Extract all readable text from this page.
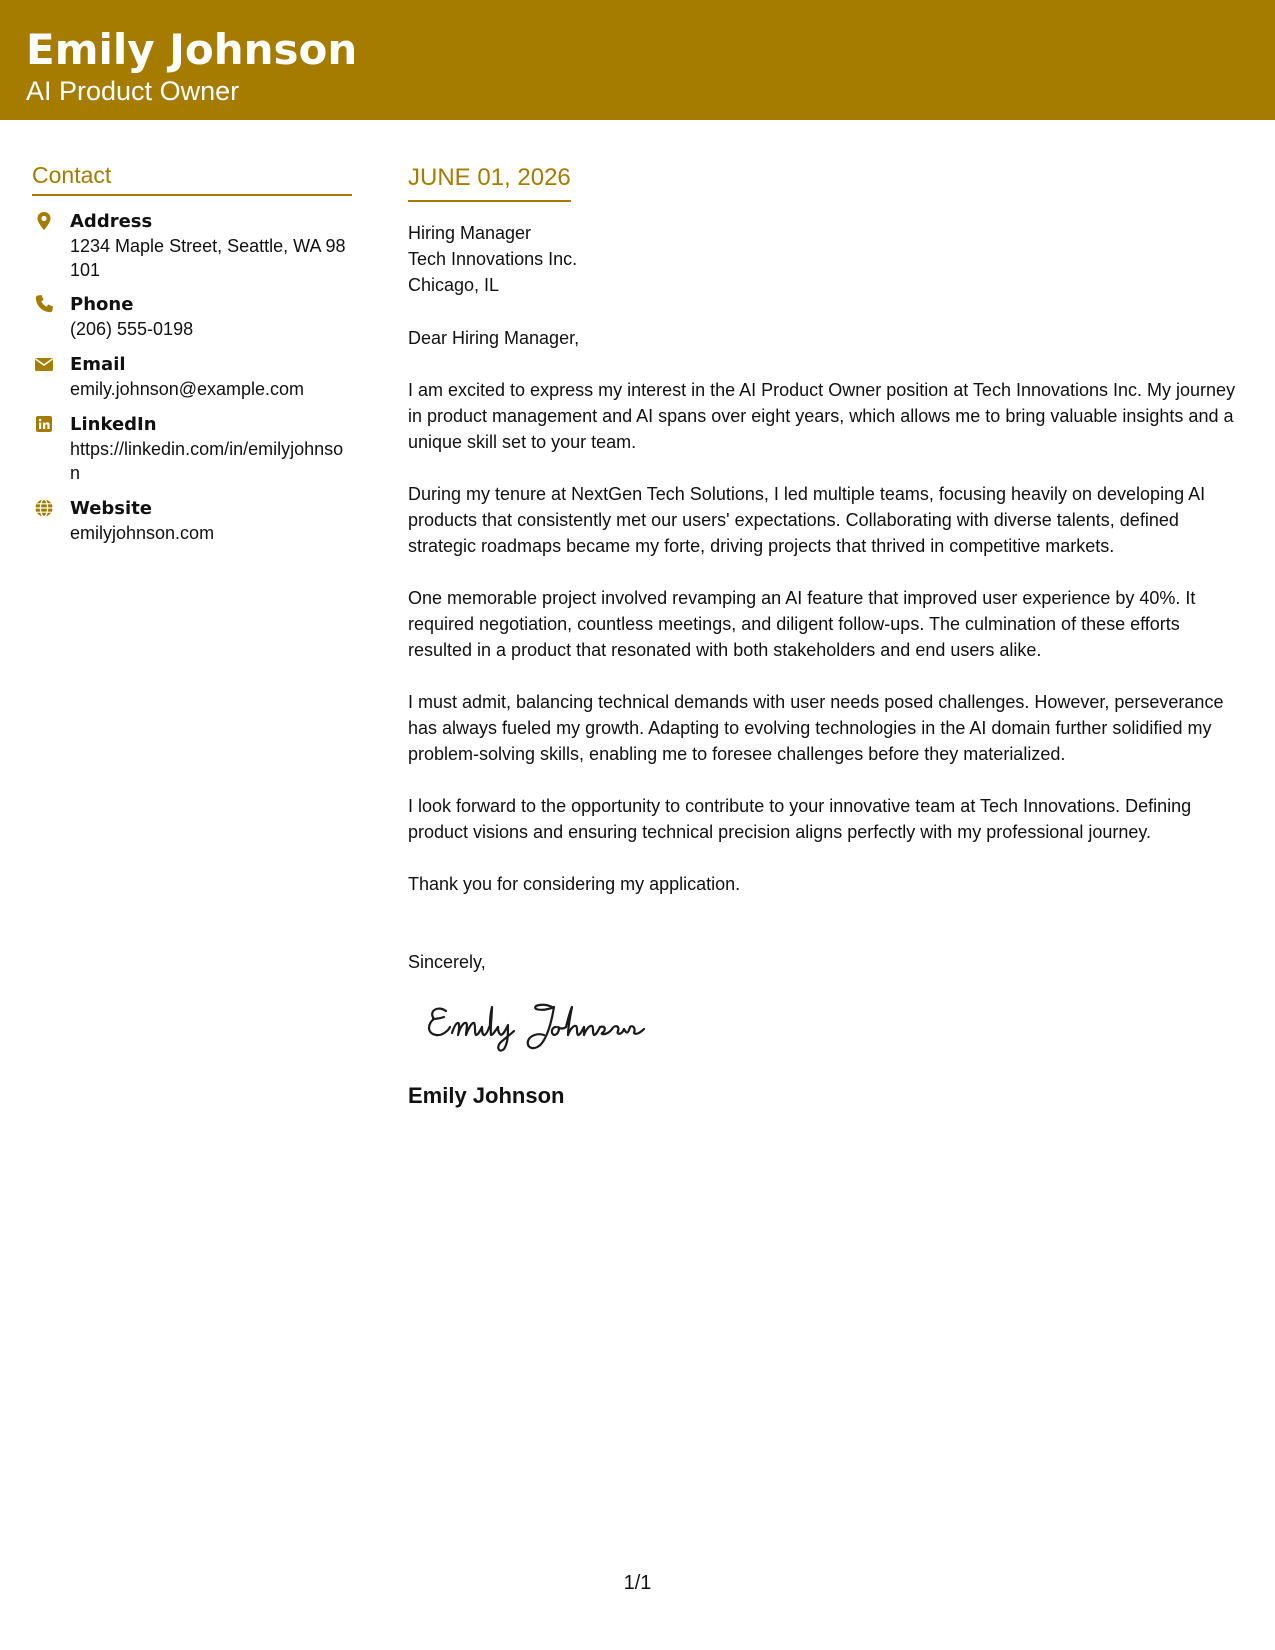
Emily Johnson
AI Product Owner
Contact
Address
1234 Maple Street, Seattle, WA 98101
Phone
(206) 555-0198
Email
emily.johnson@example.com
LinkedIn
https://linkedin.com/in/emilyjohnson
Website
emilyjohnson.com
JUNE 01, 2026

Hiring Manager

Tech Innovations Inc.

Chicago, IL

Dear Hiring Manager,

I am excited to express my interest in the AI Product Owner position at Tech Innovations Inc. My journey in product management and AI spans over eight years, which allows me to bring valuable insights and a unique skill set to your team.

During my tenure at NextGen Tech Solutions, I led multiple teams, focusing heavily on developing AI products that consistently met our users' expectations. Collaborating with diverse talents, defined strategic roadmaps became my forte, driving projects that thrived in competitive markets.

One memorable project involved revamping an AI feature that improved user experience by 40%. It required negotiation, countless meetings, and diligent follow-ups. The culmination of these efforts resulted in a product that resonated with both stakeholders and end users alike.

I must admit, balancing technical demands with user needs posed challenges. However, perseverance has always fueled my growth. Adapting to evolving technologies in the AI domain further solidified my problem-solving skills, enabling me to foresee challenges before they materialized.

I look forward to the opportunity to contribute to your innovative team at Tech Innovations. Defining product visions and ensuring technical precision aligns perfectly with my professional journey.

Thank you for considering my application.

Sincerely,

Emily Johnson
1/1
